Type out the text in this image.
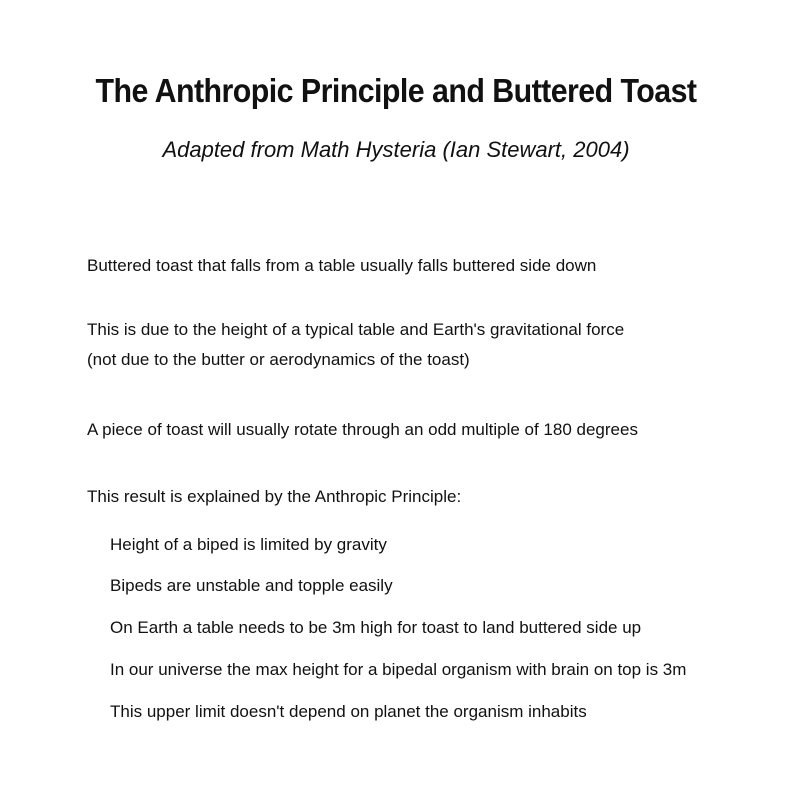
The Anthropic Principle and Buttered Toast
Adapted from Math Hysteria (Ian Stewart, 2004)
Buttered toast that falls from a table usually falls buttered side down
This is due to the height of a typical table and Earth's gravitational force
(not due to the butter or aerodynamics of the toast)
A piece of toast will usually rotate through an odd multiple of 180 degrees
This result is explained by the Anthropic Principle:
Height of a biped is limited by gravity
Bipeds are unstable and topple easily
On Earth a table needs to be 3m high for toast to land buttered side up
In our universe the max height for a bipedal organism with brain on top is 3m
This upper limit doesn't depend on planet the organism inhabits
